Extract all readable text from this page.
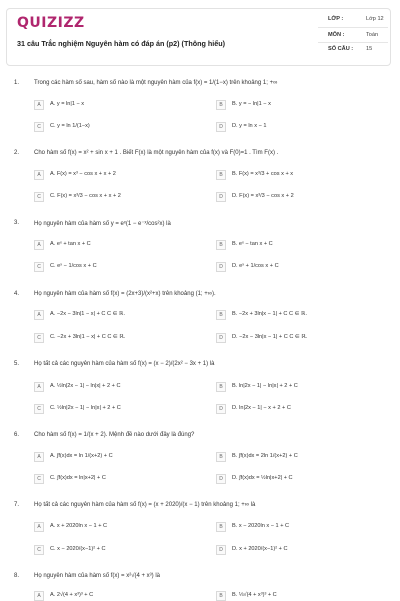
QUIZIZZ
31 câu Trắc nghiệm Nguyên hàm có đáp án (p2) (Thông hiểu)
LỚP :	Lớp 12
MÔN :	Toán
SỐ CÂU : 15
1. Trong các hàm số sau, hàm số nào là một nguyên hàm của f(x) = 1/(1−x) trên khoảng 1; +∞
A	A. y = ln|1 − x	B	B. y = − ln|1 − x
C	C. y = ln 1/(1−x)	D	D. y = ln x − 1
2. Cho hàm số f(x) = x² + sin x + 1 . Biết F(x) là một nguyên hàm của f(x) và F(0)=1 . Tìm F(x) .
A	A. F(x) = x³ − cos x + x + 2	B	B. F(x) = x³/3 + cos x + x
C	C. F(x) = x³/3 − cos x + x + 2	D	D. F(x) = x³/3 − cos x + 2
3. Họ nguyên hàm của hàm số y = eˣ(1 − e⁻ˣ/cos²x) là
A	A. eˣ + tan x + C	B	B. eˣ − tan x + C
C	C. eˣ − 1/cos x + C	D	D. eˣ + 1/cos x + C
4. Họ nguyên hàm của hàm số f(x) = (2x+3)/(x²+x) trên khoảng (1; +∞).
A	A. −2x − 3ln|1 − x| + C C ∈ ℝ.	B	B. −2x + 3ln|x − 1| + C C ∈ ℝ.
C	C. −2x + 3ln|1 − x| + C C ∈ ℝ.	D	D. −2x − 3ln|x − 1| + C C ∈ ℝ.
5. Họ tất cả các nguyên hàm của hàm số f(x) = (x − 2)/(2x² − 3x + 1) là
A	A. ½ln|2x − 1| − ln|x| + 2 + C	B	B. ln|2x − 1| − ln|x| + 2 + C
C	C. ½ln|2x − 1| − ln|x| + 2 + C	D	D. ln|2x − 1| − x + 2 + C
6. Cho hàm số f(x) = 1/(x + 2). Mệnh đề nào dưới đây là đúng?
A	A. ∫f(x)dx = ln 1/(x+2) + C	B	B. ∫f(x)dx = 2ln 1/(x+2) + C
C	C. ∫f(x)dx = ln|x+2| + C	D	D. ∫f(x)dx = ½ln|x+2| + C
7. Họ tất cả các nguyên hàm của hàm số f(x) = (x + 2020)/(x − 1) trên khoảng 1; +∞ là
A	A. x + 2020ln x − 1 + C	B	B. x − 2020ln x − 1 + C
C	C. x − 2020/(x−1)² + C	D	D. x + 2020/(x−1)² + C
8. Họ nguyên hàm của hàm số f(x) = x²√(4 + x³) là
A	A. 2√(4 + x³)³ + C	B	B. ⅓√(4 + x³)³ + C
